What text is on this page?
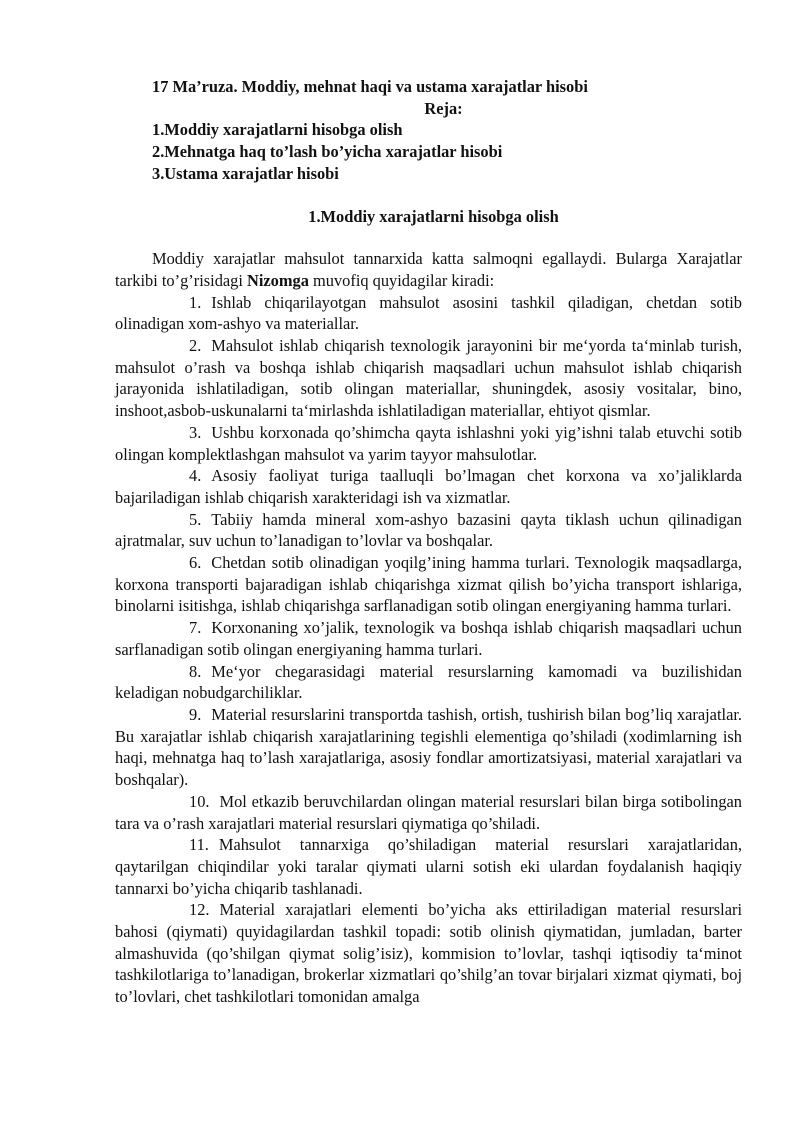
17 Ma’ruza. Moddiy, mehnat haqi va ustama xarajatlar hisobi

Reja:

1.Moddiy xarajatlarni hisobga olish

2.Mehnatga haq to’lash bo’yicha xarajatlar hisobi

3.Ustama xarajatlar hisobi

1.Moddiy xarajatlarni hisobga olish

Moddiy xarajatlar mahsulot tannarxida katta salmoqni egallaydi. Bularga Xarajatlar tarkibi to’g’risidagi Nizomga muvofiq quyidagilar kiradi:

1. Ishlab chiqarilayotgan mahsulot asosini tashkil qiladigan, chetdan sotib olinadigan xom-ashyo va materiallar.

2. Mahsulot ishlab chiqarish texnologik jarayonini bir me‘yorda ta‘minlab turish, mahsulot o’rash va boshqa ishlab chiqarish maqsadlari uchun mahsulot ishlab chiqarish jarayonida ishlatiladigan, sotib olingan materiallar, shuningdek, asosiy vositalar, bino, inshoot,asbob-uskunalarni ta‘mirlashda ishlatiladigan materiallar, ehtiyot qismlar.

3. Ushbu korxonada qo’shimcha qayta ishlashni yoki yig’ishni talab etuvchi sotib olingan komplektlashgan mahsulot va yarim tayyor mahsulotlar.

4. Asosiy faoliyat turiga taalluqli bo’lmagan chet korxona va xo’jaliklarda bajariladigan ishlab chiqarish xarakteridagi ish va xizmatlar.

5. Tabiiy hamda mineral xom-ashyo bazasini qayta tiklash uchun qilinadigan ajratmalar, suv uchun to’lanadigan to’lovlar va boshqalar.

6. Chetdan sotib olinadigan yoqilg’ining hamma turlari. Texnologik maqsadlarga, korxona transporti bajaradigan ishlab chiqarishga xizmat qilish bo’yicha transport ishlariga, binolarni isitishga, ishlab chiqarishga sarflanadigan sotib olingan energiyaning hamma turlari.

7. Korxonaning xo’jalik, texnologik va boshqa ishlab chiqarish maqsadlari uchun sarflanadigan sotib olingan energiyaning hamma turlari.

8. Me‘yor chegarasidagi material resurslarning kamomadi va buzilishidan keladigan nobudgarchiliklar.

9. Material resurslarini transportda tashish, ortish, tushirish bilan bog’liq xarajatlar. Bu xarajatlar ishlab chiqarish xarajatlarining tegishli elementiga qo’shiladi (xodimlarning ish haqi, mehnatga haq to’lash xarajatlariga, asosiy fondlar amortizatsiyasi, material xarajatlari va boshqalar).

10. Mol etkazib beruvchilardan olingan material resurslari bilan birga sotibolingan tara va o’rash xarajatlari material resurslari qiymatiga qo’shiladi.

11. Mahsulot tannarxiga qo’shiladigan material resurslari xarajatlaridan, qaytarilgan chiqindilar yoki taralar qiymati ularni sotish eki ulardan foydalanish haqiqiy tannarxi bo’yicha chiqarib tashlanadi.

12. Material xarajatlari elementi bo’yicha aks ettiriladigan material resurslari bahosi (qiymati) quyidagilardan tashkil topadi: sotib olinish qiymatidan, jumladan, barter almashuvida (qo’shilgan qiymat solig’isiz), kommision to’lovlar, tashqi iqtisodiy ta‘minot tashkilotlariga to’lanadigan, brokerlar xizmatlari qo’shilg’an tovar birjalari xizmat qiymati, boj to’lovlari, chet tashkilotlari tomonidan amalga
